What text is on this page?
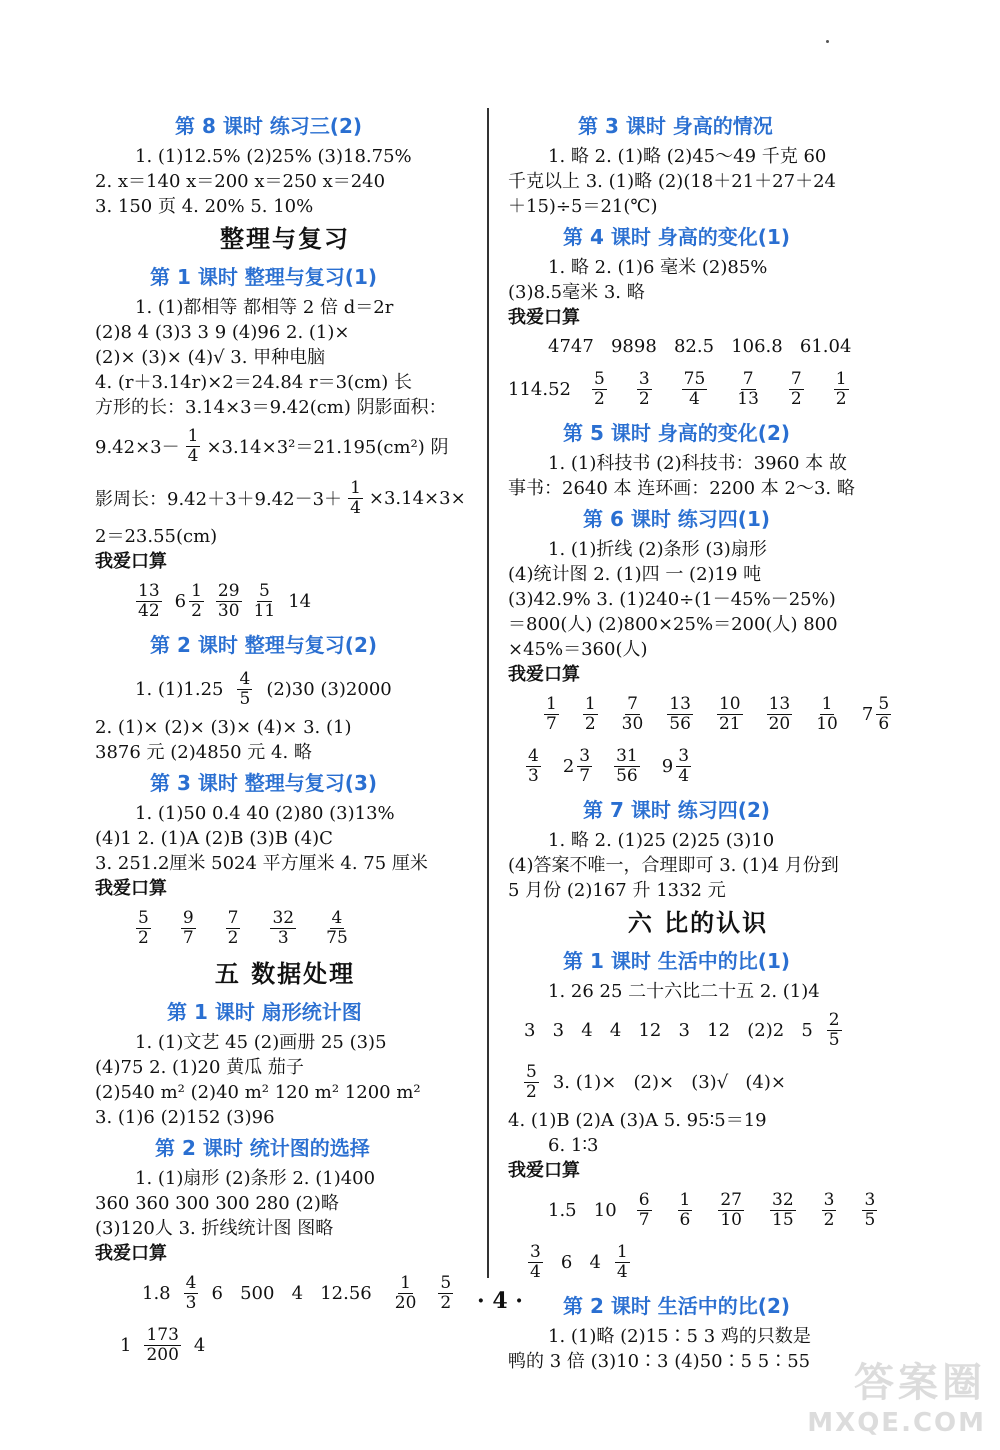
第 8 课时 练习三(2)
1. (1)12.5% (2)25% (3)18.75%
2. x＝140 x＝200 x＝250 x＝240
3. 150 页 4. 20% 5. 10%
整理与复习
第 1 课时 整理与复习(1)
1. (1)都相等 都相等 2 倍 d＝2r
(2)8 4 (3)3 3 9 (4)96 2. (1)×
(2)× (3)× (4)√ 3. 甲种电脑
4. (r＋3.14r)×2＝24.84 r＝3(cm) 长
方形的长：3.14×3＝9.42(cm) 阴影面积：
$9.42\times 3- \frac{1}{4} \times 3.14\times 3^2=21.195(cm^2)$ 阴
影周长：$9.42+3+9.42-3+ \frac{1}{4} \times 3.14\times 3\times$
2＝23.55(cm)
我爱口算
$\frac{13}{42} 6 \frac{1}{2} \frac{29}{30} \frac{5}{11} 14$
第 2 课时 整理与复习(2)
1. $(1)1.25 \frac{4}{5} (2)30$ (3)2000
2. (1)× (2)× (3)× (4)× 3. (1)
3876 元 (2)4850 元 4. 略
第 3 课时 整理与复习(3)
1. (1)50 0.4 40 (2)80 (3)13%
(4)1 2. (1)A (2)B (3)B (4)C
3. 251.2厘米 5024 平方厘米 4. 75 厘米
我爱口算
$\frac{5}{2} \frac{9}{7} \frac{7}{2} \frac{32}{3} \frac{4}{75}$
五 数据处理
第 1 课时 扇形统计图
1. (1)文艺 45 (2)画册 25 (3)5
(4)75 2. (1)20 黄瓜 茄子
(2)540 m² (2)40 m² 120 m² 1200 m²
3. (1)6 (2)152 (3)96
第 2 课时 统计图的选择
1. (1)扇形 (2)条形 2. (1)400
360 360 300 300 280 (2)略
(3)120人 3. 折线统计图 图略
我爱口算
$1.8 \frac{4}{3} 6$   500   4   $12.56 \frac{1}{20} \frac{5}{2}$
$1 \frac{173}{200} 4$
第 3 课时 身高的情况
1. 略 2. (1)略 (2)45～49 千克 60
千克以上 3. (1)略 (2)(18＋21＋27＋24
＋15)÷5＝21(℃)
第 4 课时 身高的变化(1)
1. 略 2. (1)6 毫米 (2)85%
(3)8.5毫米 3. 略
我爱口算
4747   9898   82.5   106.8   61.04
$114.52 \frac{5}{2} \frac{3}{2} \frac{75}{4} \frac{7}{13} \frac{7}{2} \frac{1}{2}$
第 5 课时 身高的变化(2)
1. (1)科技书 (2)科技书：3960 本 故
事书：2640 本 连环画：2200 本 2～3. 略
第 6 课时 练习四(1)
1. (1)折线 (2)条形 (3)扇形
(4)统计图 2. (1)四 一 (2)19 吨
(3)42.9% 3. (1)240÷(1－45%－25%)
＝800(人) (2)800×25%＝200(人) 800
×45%＝360(人)
我爱口算
$\frac{1}{7} \frac{1}{2} \frac{7}{30} \frac{13}{56} \frac{10}{21} \frac{13}{20} \frac{1}{10} 7 \frac{5}{6}$
$\frac{4}{3} 2 \frac{3}{7} \frac{31}{56} 9 \frac{3}{4}$
第 7 课时 练习四(2)
1. 略 2. (1)25 (2)25 (3)10
(4)答案不唯一，合理即可 3. (1)4 月份到
5 月份 (2)167 升 1332 元
六 比的认识
第 1 课时 生活中的比(1)
1. 26 25 二十六比二十五 2. (1)4
3   3   4   4   12   3   12   (2)2   $5 \frac{2}{5}$
$\frac{5}{2} 3$. (1)×   (2)×   (3)√   (4)×
4. (1)B (2)A (3)A 5. 95∶5＝19
6. 1∶3
我爱口算
1.5   $10 \frac{6}{7} \frac{1}{6} \frac{27}{10} \frac{32}{15} \frac{3}{2} \frac{3}{5}$
$\frac{3}{4} 6$   $4 \frac{1}{4}$
第 2 课时 生活中的比(2)
1. (1)略 (2)15∶5 3 鸡的只数是
鸭的 3 倍 (3)10∶3 (4)50∶5 5∶55
· 4 ·
答案圈
MXQE.COM
